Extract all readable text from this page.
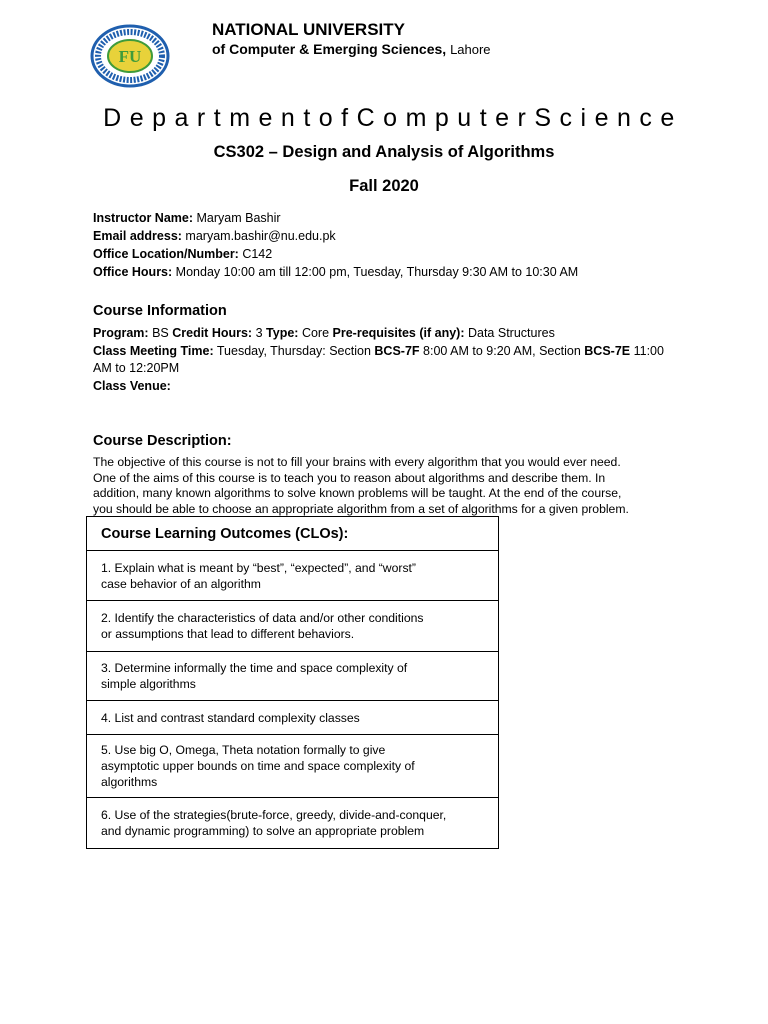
FU
NATIONAL UNIVERSITY
of Computer & Emerging Sciences, Lahore
DepartmentofComputerScience
CS302 – Design and Analysis of Algorithms
Fall 2020
Instructor Name: Maryam Bashir
Email address: maryam.bashir@nu.edu.pk
Office Location/Number: C142
Office Hours: Monday 10:00 am till 12:00 pm, Tuesday, Thursday 9:30 AM to 10:30 AM
Course Information
Program: BS Credit Hours: 3 Type: Core Pre-requisites (if any): Data Structures
Class Meeting Time: Tuesday, Thursday: Section BCS-7F 8:00 AM to 9:20 AM, Section BCS-7E 11:00
AM to 12:20PM
Class Venue:
Course Description:
The objective of this course is not to fill your brains with every algorithm that you would ever need.
One of the aims of this course is to teach you to reason about algorithms and describe them. In
addition, many known algorithms to solve known problems will be taught. At the end of the course,
you should be able to choose an appropriate algorithm from a set of algorithms for a given problem.
Course Learning Outcomes (CLOs):

1. Explain what is meant by “best”, “expected”, and “worst”
case behavior of an algorithm

2. Identify the characteristics of data and/or other conditions
or assumptions that lead to different behaviors.

3. Determine informally the time and space complexity of
simple algorithms

4. List and contrast standard complexity classes

5. Use big O, Omega, Theta notation formally to give
asymptotic upper bounds on time and space complexity of
algorithms

6. Use of the strategies(brute-force, greedy, divide-and-conquer,
and dynamic programming) to solve an appropriate problem
